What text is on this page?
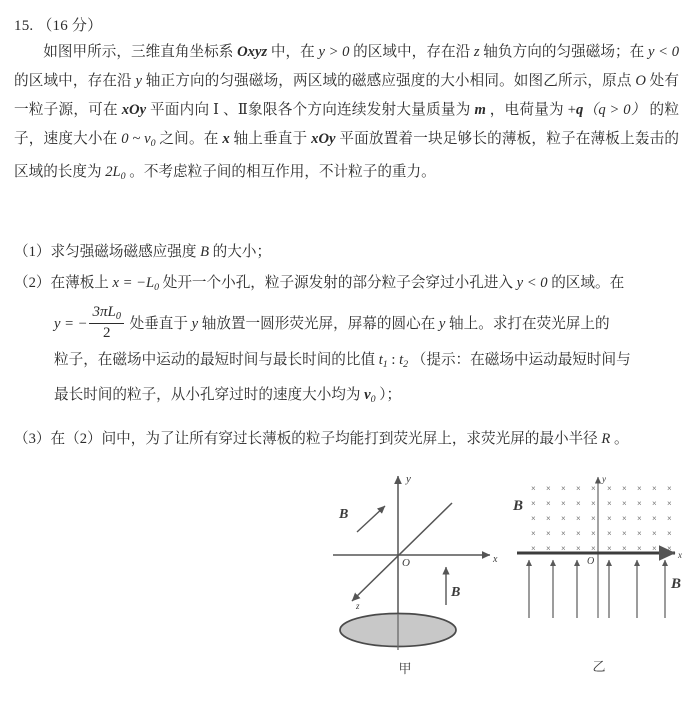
15. （16 分）

如图甲所示，三维直角坐标系 Oxyz 中，在 y > 0 的区域中，存在沿 z 轴负方向的匀强磁场；在 y < 0 的区域中，存在沿 y 轴正方向的匀强磁场，两区域的磁感应强度的大小相同。如图乙所示，原点 O 处有一粒子源，可在 xOy 平面内向 Ⅰ 、Ⅱ象限各个方向连续发射大量质量为 m ，电荷量为 +q（q > 0） 的粒子，速度大小在 0 ~ $v_0$ 之间。在 x 轴上垂直于 xOy 平面放置着一块足够长的薄板，粒子在薄板上轰击的区域的长度为 $2L_0$ 。不考虑粒子间的相互作用，不计粒子的重力。

（1）求匀强磁场磁感应强度 B 的大小；

（2）在薄板上 $x = -L_0$ 处开一个小孔，粒子源发射的部分粒子会穿过小孔进入 y < 0 的区域。在

y = − $\frac{3\pi L_0}{2}$ 处垂直于 y 轴放置一圆形荧光屏，屏幕的圆心在 y 轴上。求打在荧光屏上的

粒子，在磁场中运动的最短时间与最长时间的比值 $t_1$ : $t_2$ （提示：在磁场中运动最短时间与

最长时间的粒子，从小孔穿过时的速度大小均为 $v_0$ ）；

（3）在（2）问中，为了让所有穿过长薄板的粒子均能打到荧光屏上，求荧光屏的最小半径 R 。

y
x
z
O
B
B
甲
y
x
O
× × × × × × × × × ×
× × × × × × × × × ×
× × × × × × × × × ×
× × × × × × × × × ×
× × × × × × × × × ×
B
B
乙
